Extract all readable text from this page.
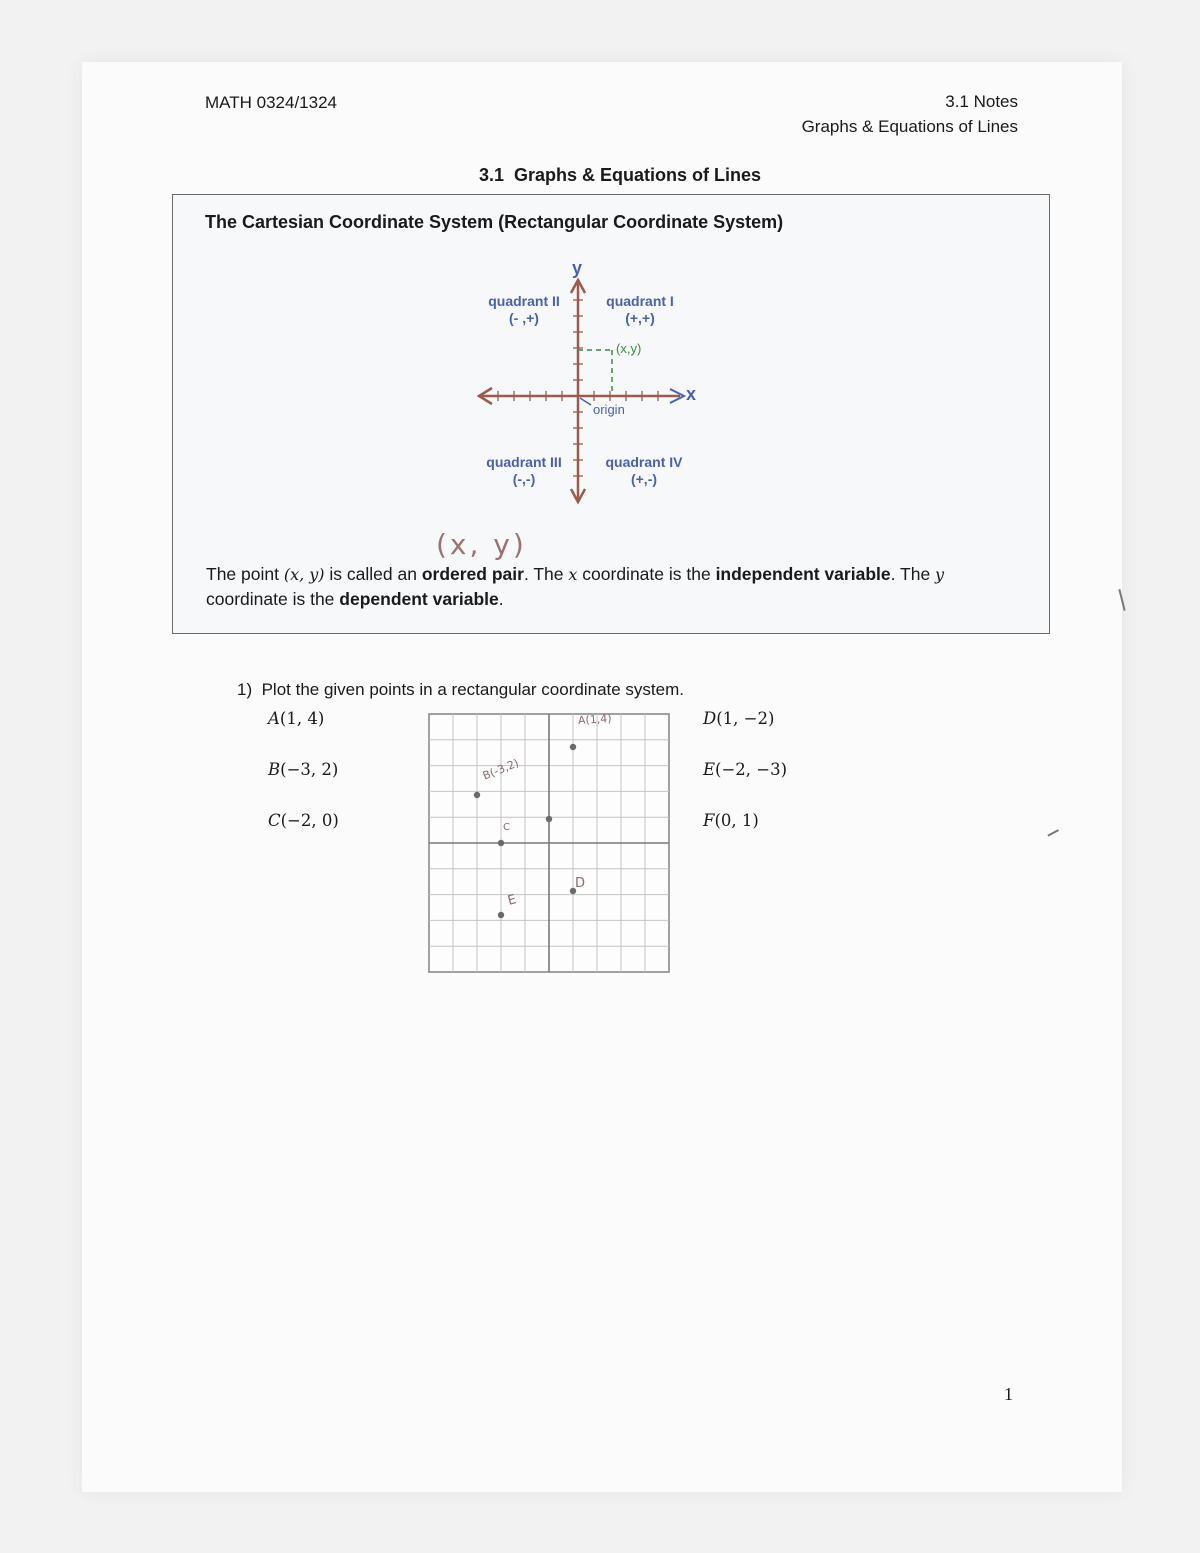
MATH 0324/1324	3.1 Notes
Graphs & Equations of Lines
3.1  Graphs & Equations of Lines
The Cartesian Coordinate System (Rectangular Coordinate System)
y
x
(x,y)
origin
quadrant II
(- ,+)
quadrant I
(+,+)
quadrant III
(-,-)
quadrant IV
(+,-)
(x, y)
The point (x, y) is called an ordered pair. The x coordinate is the independent variable. The y coordinate is the dependent variable.
1) Plot the given points in a rectangular coordinate system.
A(1, 4)
B(−3, 2)
C(−2, 0)
D(1, −2)
E(−2, −3)
F(0, 1)
A(1,4)
B(-3,2)
C
D
E
1
